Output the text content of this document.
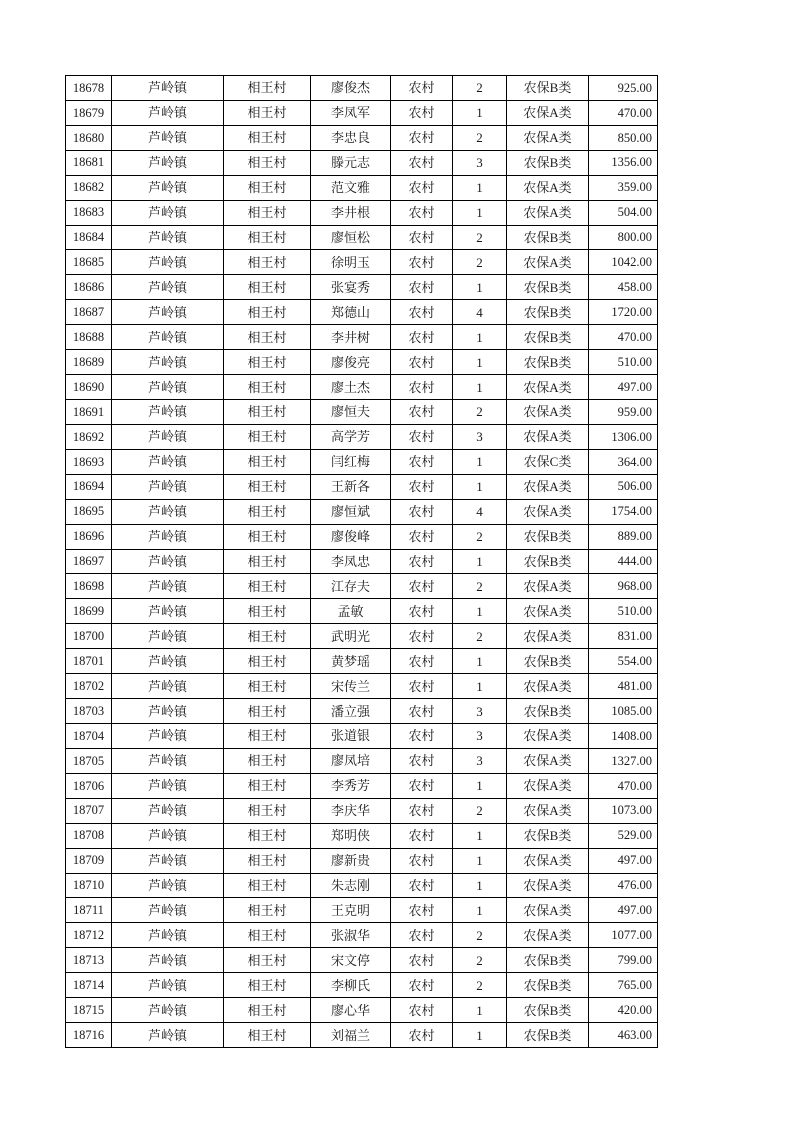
18678	芦岭镇	相王村	廖俊杰	农村	2	农保B类	925.00
18679	芦岭镇	相王村	李凤军	农村	1	农保A类	470.00
18680	芦岭镇	相王村	李忠良	农村	2	农保A类	850.00
18681	芦岭镇	相王村	滕元志	农村	3	农保B类	1356.00
18682	芦岭镇	相王村	范文雅	农村	1	农保A类	359.00
18683	芦岭镇	相王村	李井根	农村	1	农保A类	504.00
18684	芦岭镇	相王村	廖恒松	农村	2	农保B类	800.00
18685	芦岭镇	相王村	徐明玉	农村	2	农保A类	1042.00
18686	芦岭镇	相王村	张宴秀	农村	1	农保B类	458.00
18687	芦岭镇	相王村	郑德山	农村	4	农保B类	1720.00
18688	芦岭镇	相王村	李井树	农村	1	农保B类	470.00
18689	芦岭镇	相王村	廖俊亮	农村	1	农保B类	510.00
18690	芦岭镇	相王村	廖土杰	农村	1	农保A类	497.00
18691	芦岭镇	相王村	廖恒夫	农村	2	农保A类	959.00
18692	芦岭镇	相王村	高学芳	农村	3	农保A类	1306.00
18693	芦岭镇	相王村	闫红梅	农村	1	农保C类	364.00
18694	芦岭镇	相王村	王新各	农村	1	农保A类	506.00
18695	芦岭镇	相王村	廖恒斌	农村	4	农保A类	1754.00
18696	芦岭镇	相王村	廖俊峰	农村	2	农保B类	889.00
18697	芦岭镇	相王村	李凤忠	农村	1	农保B类	444.00
18698	芦岭镇	相王村	江存夫	农村	2	农保A类	968.00
18699	芦岭镇	相王村	孟敏	农村	1	农保A类	510.00
18700	芦岭镇	相王村	武明光	农村	2	农保A类	831.00
18701	芦岭镇	相王村	黄梦瑶	农村	1	农保B类	554.00
18702	芦岭镇	相王村	宋传兰	农村	1	农保A类	481.00
18703	芦岭镇	相王村	潘立强	农村	3	农保B类	1085.00
18704	芦岭镇	相王村	张道银	农村	3	农保A类	1408.00
18705	芦岭镇	相王村	廖凤培	农村	3	农保A类	1327.00
18706	芦岭镇	相王村	李秀芳	农村	1	农保A类	470.00
18707	芦岭镇	相王村	李庆华	农村	2	农保A类	1073.00
18708	芦岭镇	相王村	郑明侠	农村	1	农保B类	529.00
18709	芦岭镇	相王村	廖新贵	农村	1	农保A类	497.00
18710	芦岭镇	相王村	朱志刚	农村	1	农保A类	476.00
18711	芦岭镇	相王村	王克明	农村	1	农保A类	497.00
18712	芦岭镇	相王村	张淑华	农村	2	农保A类	1077.00
18713	芦岭镇	相王村	宋文停	农村	2	农保B类	799.00
18714	芦岭镇	相王村	李柳氏	农村	2	农保B类	765.00
18715	芦岭镇	相王村	廖心华	农村	1	农保B类	420.00
18716	芦岭镇	相王村	刘福兰	农村	1	农保B类	463.00
